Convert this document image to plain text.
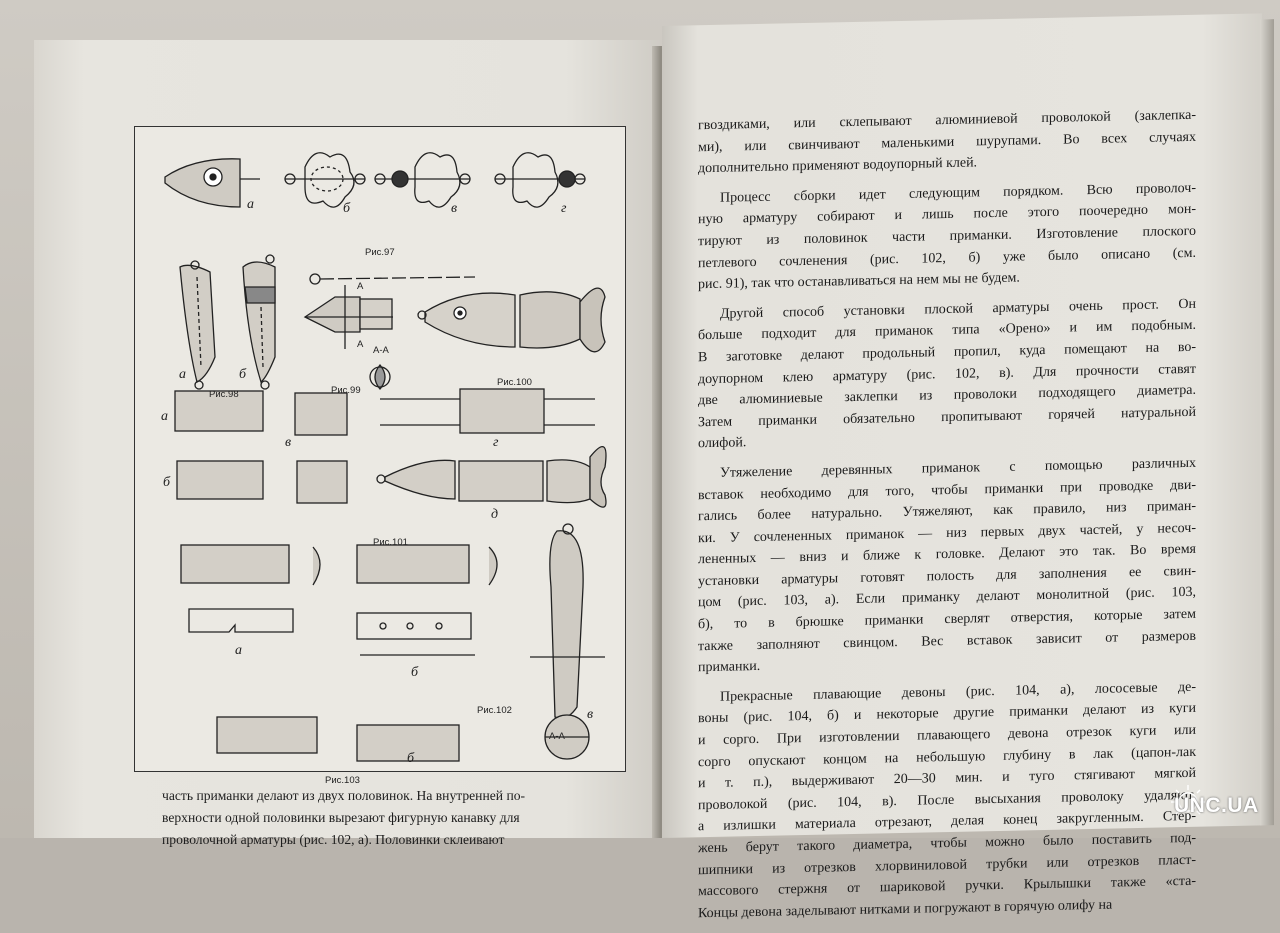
Рис.97
Рис.98	Рис.99
Рис.100
Рис.101
Рис.102
Рис.103
А-А
А-А
А
А
а	б	в	г
а	б
а
в	г
б
д
а
б
в
б
часть приманки делают из двух половинок. На внутренней по-
верхности одной половинки вырезают фигурную канавку для
проволочной арматуры (рис. 102, а). Половинки склеивают
гвоздиками, или склепывают алюминиевой проволокой (заклепка-
ми), или свинчивают маленькими шурупами. Во всех случаях
дополнительно применяют водоупорный клей.
Процесс сборки идет следующим порядком. Всю проволоч-
ную арматуру собирают и лишь после этого поочередно мон-
тируют из половинок части приманки. Изготовление плоского
петлевого сочленения (рис. 102, б) уже было описано (см.
рис. 91), так что останавливаться на нем мы не будем.
Другой способ установки плоской арматуры очень прост. Он
больше подходит для приманок типа «Орено» и им подобным.
В заготовке делают продольный пропил, куда помещают на во-
доупорном клею арматуру (рис. 102, в). Для прочности ставят
две алюминиевые заклепки из проволоки подходящего диаметра.
Затем приманки обязательно пропитывают горячей натуральной
олифой.
Утяжеление деревянных приманок с помощью различных
вставок необходимо для того, чтобы приманки при проводке дви-
гались более натурально. Утяжеляют, как правило, низ приман-
ки. У сочлененных приманок — низ первых двух частей, у несоч-
лененных — вниз и ближе к головке. Делают это так. Во время
установки арматуры готовят полость для заполнения ее свин-
цом (рис. 103, а). Если приманку делают монолитной (рис. 103,
б), то в брюшке приманки сверлят отверстия, которые затем
также заполняют свинцом. Вес вставок зависит от размеров
приманки.
Прекрасные плавающие девоны (рис. 104, а), лососевые де-
воны (рис. 104, б) и некоторые другие приманки делают из куги
и сорго. При изготовлении плавающего девона отрезок куги или
сорго опускают концом на небольшую глубину в лак (цапон-лак
и т. п.), выдерживают 20—30 мин. и туго стягивают мягкой
проволокой (рис. 104, в). После высыхания проволоку удаляют,
а излишки материала отрезают, делая конец закругленным. Стер-
жень берут такого диаметра, чтобы можно было поставить под-
шипники из отрезков хлорвиниловой трубки или отрезков пласт-
массового стержня от шариковой ручки. Крылышки также «ста-
Концы девона заделывают нитками и погружают в горячую олифу на
UNC.UA
